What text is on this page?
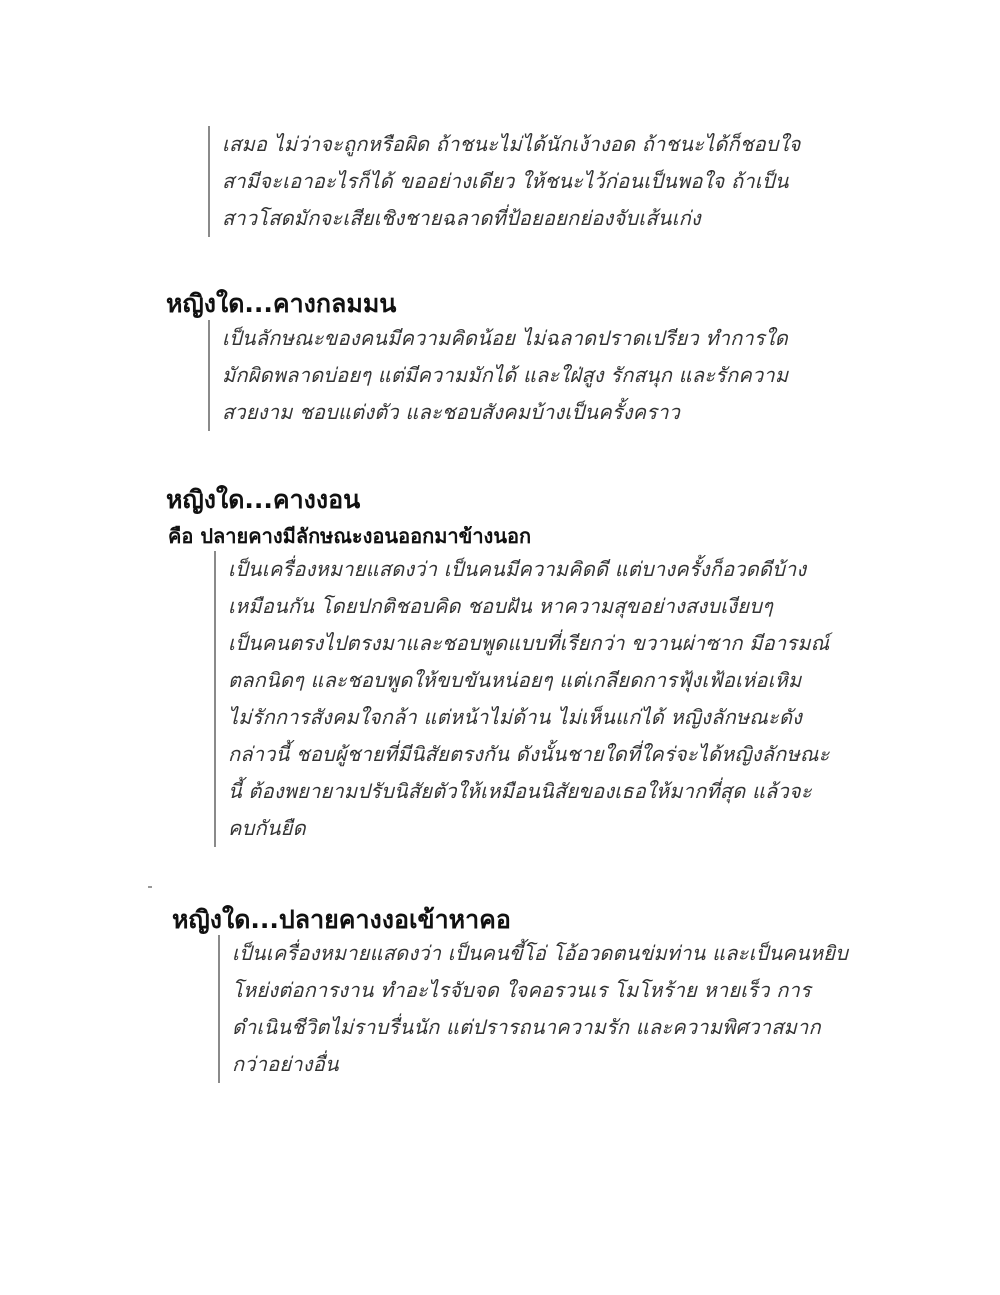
เสมอ ไม่ว่าจะถูกหรือผิด ถ้าชนะไม่ได้นักเง้างอด ถ้าชนะได้ก็ชอบใจ
สามีจะเอาอะไรก็ได้ ขออย่างเดียว ให้ชนะไว้ก่อนเป็นพอใจ ถ้าเป็น
สาวโสดมักจะเสียเชิงชายฉลาดที่ป้อยอยกย่องจับเส้นเก่ง
หญิงใด...คางกลมมน
เป็นลักษณะของคนมีความคิดน้อย ไม่ฉลาดปราดเปรียว ทำการใด
มักผิดพลาดบ่อยๆ แต่มีความมักได้ และใฝ่สูง รักสนุก และรักความ
สวยงาม ชอบแต่งตัว และชอบสังคมบ้างเป็นครั้งคราว
หญิงใด...คางงอน
คือ ปลายคางมีลักษณะงอนออกมาข้างนอก
เป็นเครื่องหมายแสดงว่า เป็นคนมีความคิดดี แต่บางครั้งก็อวดดีบ้าง
เหมือนกัน โดยปกติชอบคิด ชอบฝัน หาความสุขอย่างสงบเงียบๆ
เป็นคนตรงไปตรงมาและชอบพูดแบบที่เรียกว่า ขวานผ่าซาก มีอารมณ์
ตลกนิดๆ และชอบพูดให้ขบขันหน่อยๆ แต่เกลียดการฟุ้งเฟ้อเห่อเหิม
ไม่รักการสังคมใจกล้า แต่หน้าไม่ด้าน ไม่เห็นแก่ได้ หญิงลักษณะดัง
กล่าวนี้ ชอบผู้ชายที่มีนิสัยตรงกัน ดังนั้นชายใดที่ใคร่จะได้หญิงลักษณะ
นี้ ต้องพยายามปรับนิสัยตัวให้เหมือนนิสัยของเธอให้มากที่สุด แล้วจะ
คบกันยืด
หญิงใด...ปลายคางงอเข้าหาคอ
เป็นเครื่องหมายแสดงว่า เป็นคนขี้โอ่ โอ้อวดตนข่มท่าน และเป็นคนหยิบ
โหย่งต่อการงาน ทำอะไรจับจด ใจคอรวนเร โมโหร้าย หายเร็ว การ
ดำเนินชีวิตไม่ราบรื่นนัก แต่ปรารถนาความรัก และความพิศวาสมาก
กว่าอย่างอื่น
